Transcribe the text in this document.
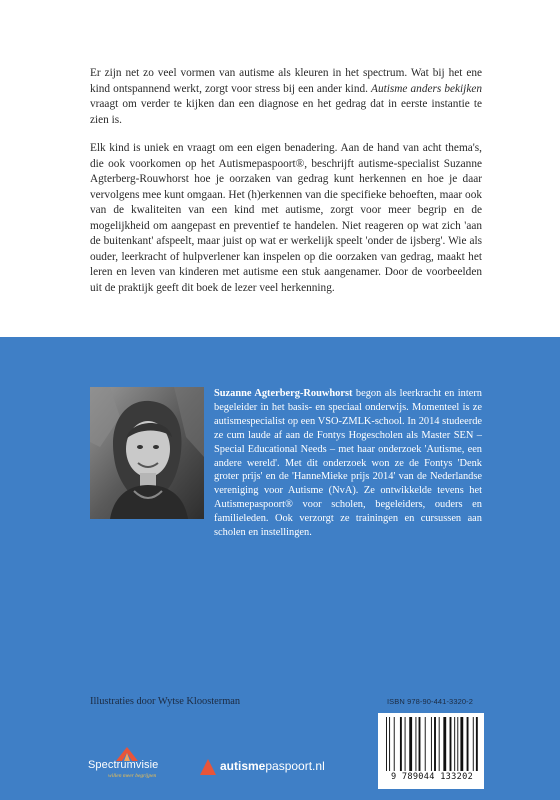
Er zijn net zo veel vormen van autisme als kleuren in het spectrum. Wat bij het ene kind ontspannend werkt, zorgt voor stress bij een ander kind. Autisme anders bekijken vraagt om verder te kijken dan een diagnose en het gedrag dat in eerste instantie te zien is.

Elk kind is uniek en vraagt om een eigen benadering. Aan de hand van acht thema's, die ook voorkomen op het Autismepaspoort®, beschrijft autisme-specialist Suzanne Agterberg-Rouwhorst hoe je oorzaken van gedrag kunt herkennen en hoe je daar vervolgens mee kunt omgaan. Het (h)erkennen van die specifieke behoeften, maar ook van de kwaliteiten van een kind met autisme, zorgt voor meer begrip en de mogelijkheid om aangepast en preventief te handelen. Niet reageren op wat zich 'aan de buitenkant' afspeelt, maar juist op wat er werkelijk speelt 'onder de ijsberg'. Wie als ouder, leerkracht of hulpverlener kan inspelen op die oorzaken van gedrag, maakt het leren en leven van kinderen met autisme een stuk aangenamer. Door de voorbeelden uit de praktijk geeft dit boek de lezer veel herkenning.

Suzanne Agterberg-Rouwhorst begon als leerkracht en intern begeleider in het basis- en speciaal onderwijs. Momenteel is ze autismespecialist op een VSO-ZMLK-school. In 2014 studeerde ze cum laude af aan de Fontys Hogescholen als Master SEN – Special Educational Needs – met haar onderzoek 'Autisme, een andere wereld'. Met dit onderzoek won ze de Fontys 'Denk groter prijs' en de 'HanneMieke prijs 2014' van de Nederlandse vereniging voor Autisme (NvA). Ze ontwikkelde tevens het Autismepaspoort® voor scholen, begeleiders, ouders en familieleden. Ook verzorgt ze trainingen en cursussen aan scholen en instellingen.

Illustraties door Wytse Kloosterman	ISBN 978-90-441-3320-2
9 789044 133202
Spectrumvisie
willen meer begrijpen
autismepaspoort.nl
